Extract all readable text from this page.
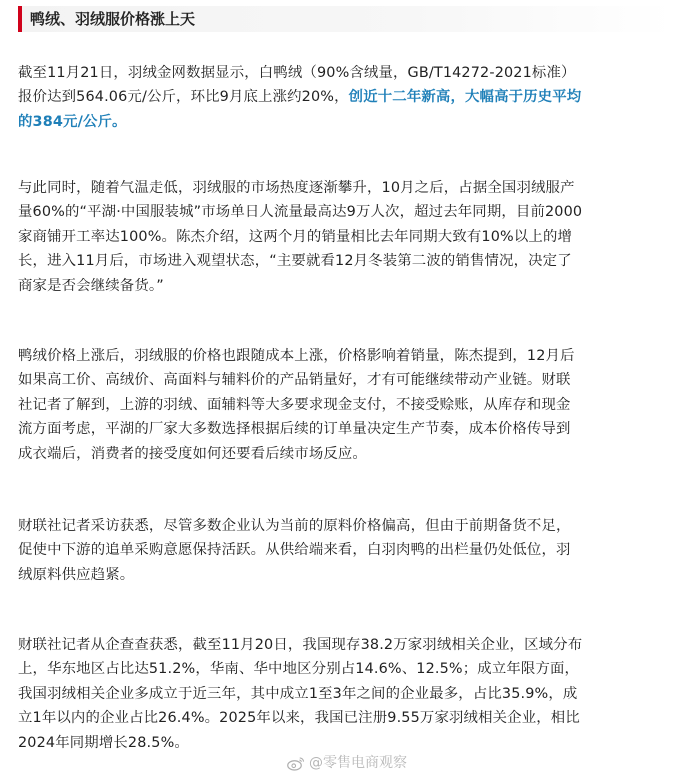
鸭绒、羽绒服价格涨上天
截至11月21日，羽绒金网数据显示，白鸭绒（90%含绒量，GB/T14272-2021标准）
报价达到564.06元/公斤，环比9月底上涨约20%，创近十二年新高，大幅高于历史平均
的384元/公斤。
与此同时，随着气温走低，羽绒服的市场热度逐渐攀升，10月之后，占据全国羽绒服产
量60%的“平湖·中国服装城”市场单日人流量最高达9万人次，超过去年同期，目前2000
家商铺开工率达100%。陈杰介绍，这两个月的销量相比去年同期大致有10%以上的增
长，进入11月后，市场进入观望状态，“主要就看12月冬装第二波的销售情况，决定了
商家是否会继续备货。”
鸭绒价格上涨后，羽绒服的价格也跟随成本上涨，价格影响着销量，陈杰提到，12月后
如果高工价、高绒价、高面料与辅料价的产品销量好，才有可能继续带动产业链。财联
社记者了解到，上游的羽绒、面辅料等大多要求现金支付，不接受赊账，从库存和现金
流方面考虑，平湖的厂家大多数选择根据后续的订单量决定生产节奏，成本价格传导到
成衣端后，消费者的接受度如何还要看后续市场反应。
财联社记者采访获悉，尽管多数企业认为当前的原料价格偏高，但由于前期备货不足，
促使中下游的追单采购意愿保持活跃。从供给端来看，白羽肉鸭的出栏量仍处低位，羽
绒原料供应趋紧。
财联社记者从企查查获悉，截至11月20日，我国现存38.2万家羽绒相关企业，区域分布
上，华东地区占比达51.2%，华南、华中地区分别占14.6%、12.5%；成立年限方面，
我国羽绒相关企业多成立于近三年，其中成立1至3年之间的企业最多，占比35.9%，成
立1年以内的企业占比26.4%。2025年以来，我国已注册9.55万家羽绒相关企业，相比
2024年同期增长28.5%。
@零售电商观察
